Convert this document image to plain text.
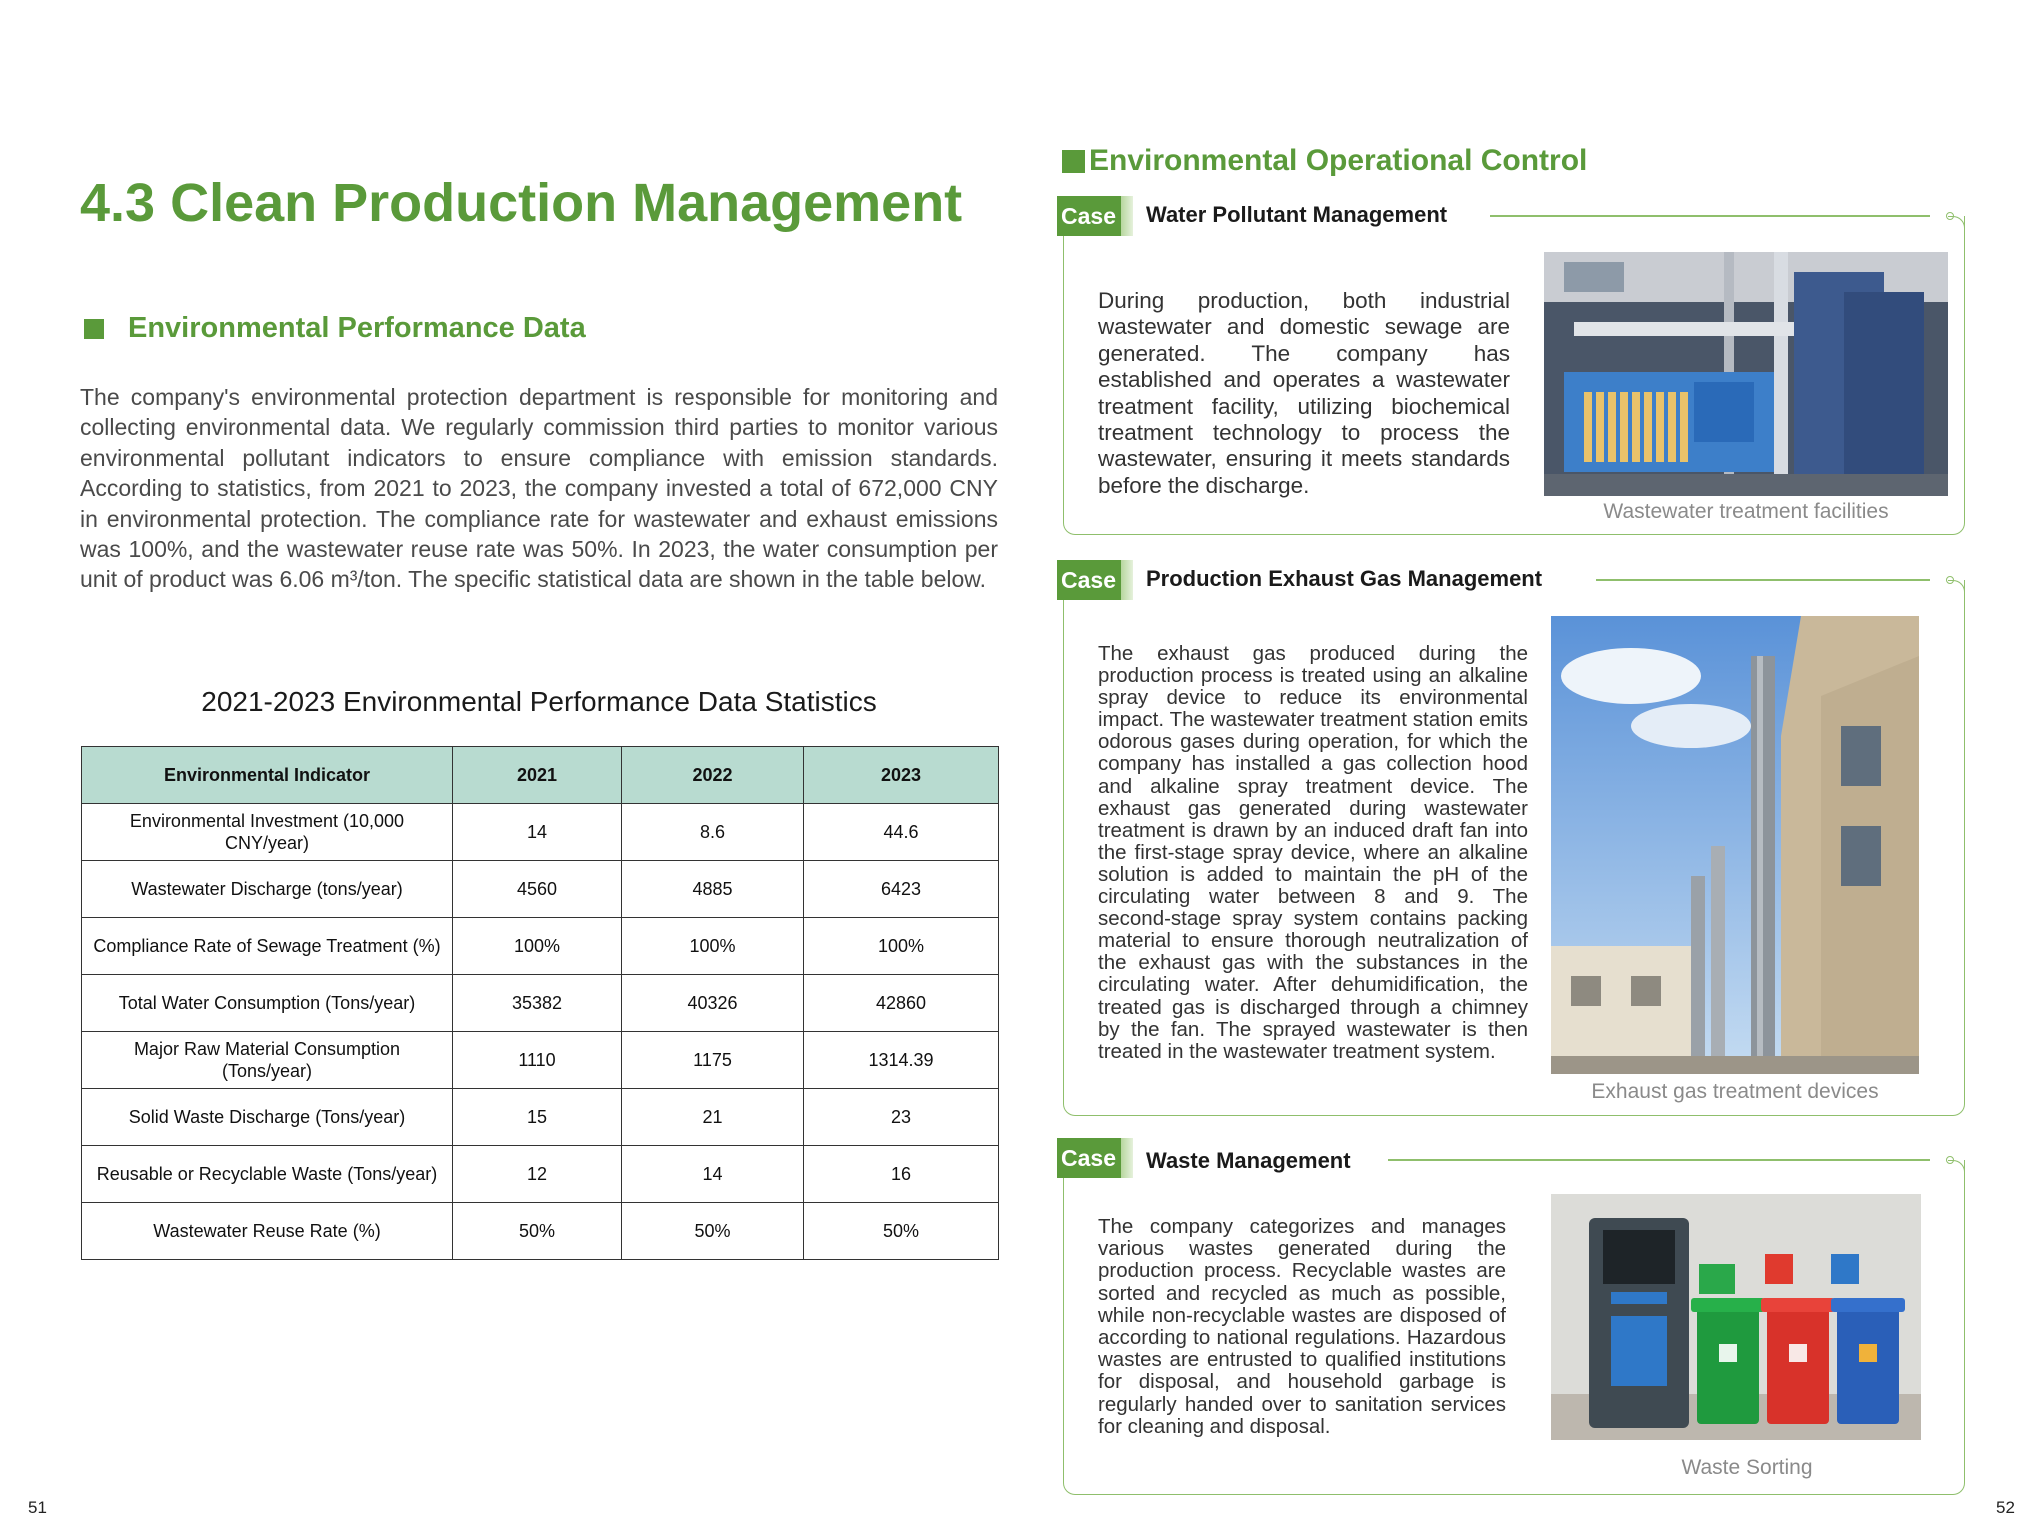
4.3 Clean Production Management
Environmental Performance Data
The company's environmental protection department is responsible for monitoring and collecting environmental data. We regularly commission third parties to monitor various environmental pollutant indicators to ensure compliance with emission standards. According to statistics, from 2021 to 2023, the company invested a total of 672,000 CNY in environmental protection. The compliance rate for wastewater and exhaust emissions was 100%, and the wastewater reuse rate was 50%. In 2023, the water consumption per unit of product was 6.06 m³/ton. The specific statistical data are shown in the table below.
2021-2023 Environmental Performance Data Statistics
Environmental Indicator	2021	2022	2023
Environmental Investment (10,000 CNY/year)	14	8.6	44.6
Wastewater Discharge (tons/year)	4560	4885	6423
Compliance Rate of Sewage Treatment (%)	100%	100%	100%
Total Water Consumption (Tons/year)	35382	40326	42860
Major Raw Material Consumption (Tons/year)	1110	1175	1314.39
Solid Waste Discharge (Tons/year)	15	21	23
Reusable or Recyclable Waste (Tons/year)	12	14	16
Wastewater Reuse Rate (%)	50%	50%	50%
51
Environmental Operational Control
Case Water Pollutant Management
During production, both industrial wastewater and domestic sewage are generated. The company has established and operates a wastewater treatment facility, utilizing biochemical treatment technology to process the wastewater, ensuring it meets standards before the discharge.
Wastewater treatment facilities
Case Production Exhaust Gas Management
The exhaust gas produced during the production process is treated using an alkaline spray device to reduce its environmental impact. The wastewater treatment station emits odorous gases during operation, for which the company has installed a gas collection hood and alkaline spray treatment device. The exhaust gas generated during wastewater treatment is drawn by an induced draft fan into the first-stage spray device, where an alkaline solution is added to maintain the pH of the circulating water between 8 and 9. The second-stage spray system contains packing material to ensure thorough neutralization of the exhaust gas with the substances in the circulating water. After dehumidification, the treated gas is discharged through a chimney by the fan. The sprayed wastewater is then treated in the wastewater treatment system.
Exhaust gas treatment devices
Case Waste Management
The company categorizes and manages various wastes generated during the production process. Recyclable wastes are sorted and recycled as much as possible, while non-recyclable wastes are disposed of according to national regulations. Hazardous wastes are entrusted to qualified institutions for disposal, and household garbage is regularly handed over to sanitation services for cleaning and disposal.
Waste Sorting
52
